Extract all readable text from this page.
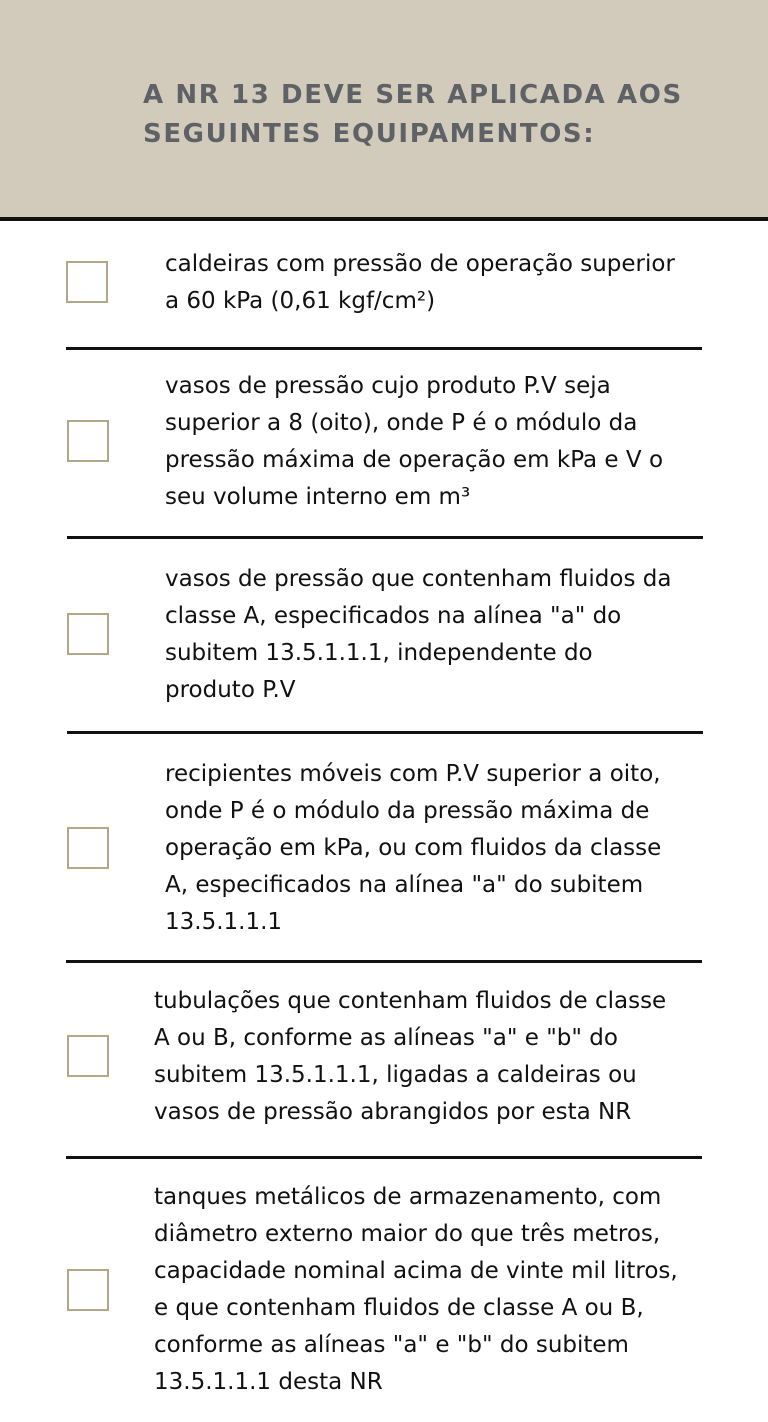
A NR 13 DEVE SER APLICADA AOS
SEGUINTES EQUIPAMENTOS:
caldeiras com pressão de operação superior
a 60 kPa (0,61 kgf/cm²)
vasos de pressão cujo produto P.V seja
superior a 8 (oito), onde P é o módulo da
pressão máxima de operação em kPa e V o
seu volume interno em m³
vasos de pressão que contenham fluidos da
classe A, especificados na alínea "a" do
subitem 13.5.1.1.1, independente do
produto P.V
recipientes móveis com P.V superior a oito,
onde P é o módulo da pressão máxima de
operação em kPa, ou com fluidos da classe
A, especificados na alínea "a" do subitem
13.5.1.1.1
tubulações que contenham fluidos de classe
A ou B, conforme as alíneas "a" e "b" do
subitem 13.5.1.1.1, ligadas a caldeiras ou
vasos de pressão abrangidos por esta NR
tanques metálicos de armazenamento, com
diâmetro externo maior do que três metros,
capacidade nominal acima de vinte mil litros,
e que contenham fluidos de classe A ou B,
conforme as alíneas "a" e "b" do subitem
13.5.1.1.1 desta NR
